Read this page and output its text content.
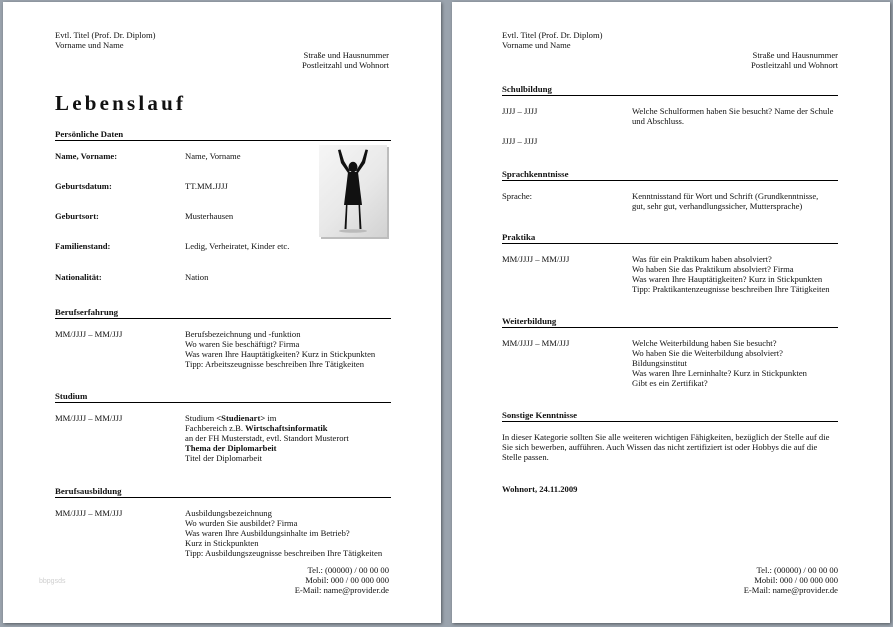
Evtl. Titel (Prof. Dr. Diplom)
Vorname und Name
Straße und Hausnummer
Postleitzahl und Wohnort
Lebenslauf
Persönliche Daten
Name, Vorname:	Name, Vorname
Geburtsdatum:	TT.MM.JJJJ
Geburtsort:	Musterhausen
Familienstand:	Ledig, Verheiratet, Kinder etc.
Nationalität:	Nation
Berufserfahrung
MM/JJJJ – MM/JJJ	Berufsbezeichnung und -funktion
Wo waren Sie beschäftigt? Firma
Was waren Ihre Hauptätigkeiten? Kurz in Stickpunkten
Tipp: Arbeitszeugnisse beschreiben Ihre Tätigkeiten
Studium
MM/JJJJ – MM/JJJ	Studium <Studienart> im
Fachbereich z.B. Wirtschaftsinformatik
an der FH Musterstadt, evtl. Standort Musterort
Thema der Diplomarbeit
Titel der Diplomarbeit
Berufsausbildung
MM/JJJJ – MM/JJJ	Ausbildungsbezeichnung
Wo wurden Sie ausbildet? Firma
Was waren Ihre Ausbildungsinhalte im Betrieb?
Kurz in Stickpunkten
Tipp: Ausbildungszeugnisse beschreiben Ihre Tätigkeiten
bbpgsds
Tel.: (00000) / 00 00 00
Mobil: 000 / 00 000 000
E-Mail: name@provider.de
Evtl. Titel (Prof. Dr. Diplom)
Vorname und Name
Straße und Hausnummer
Postleitzahl und Wohnort
Schulbildung
JJJJ – JJJJ	Welche Schulformen haben Sie besucht? Name der Schule
und Abschluss.
JJJJ – JJJJ
Sprachkenntnisse
Sprache:	Kenntnisstand für Wort und Schrift (Grundkenntnisse,
gut, sehr gut, verhandlungssicher, Muttersprache)
Praktika
MM/JJJJ – MM/JJJ	Was für ein Praktikum haben absolviert?
Wo haben Sie das Praktikum absolviert? Firma
Was waren Ihre Hauptätigkeiten? Kurz in Stickpunkten
Tipp: Praktikantenzeugnisse beschreiben Ihre Tätigkeiten
Weiterbildung
MM/JJJJ – MM/JJJ	Welche Weiterbildung haben Sie besucht?
Wo haben Sie die Weiterbildung absolviert?
Bildungsinstitut
Was waren Ihre Lerninhalte? Kurz in Stickpunkten
Gibt es ein Zertifikat?
Sonstige Kenntnisse
In dieser Kategorie sollten Sie alle weiteren wichtigen Fähigkeiten, bezüglich der Stelle auf die Sie sich bewerben, aufführen. Auch Wissen das nicht zertifiziert ist oder Hobbys die auf die Stelle passen.
Wohnort, 24.11.2009
Tel.: (00000) / 00 00 00
Mobil: 000 / 00 000 000
E-Mail: name@provider.de
